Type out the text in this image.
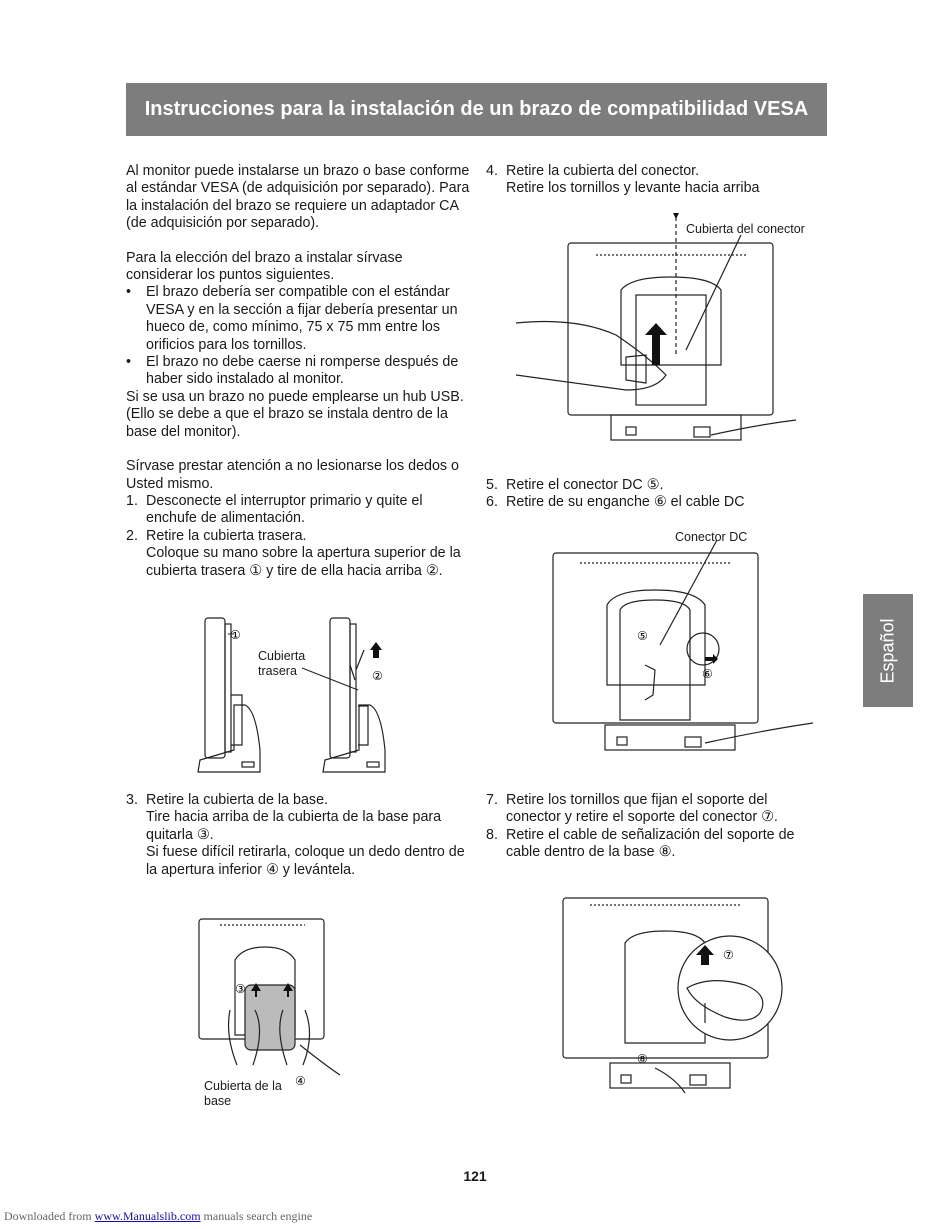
Instrucciones para la instalación de un brazo de compatibilidad VESA
Español

Al monitor puede instalarse un brazo o base conforme al estándar VESA (de adquisición por separado). Para la instalación del brazo se requiere un adaptador CA (de adquisición por separado).

Para la elección del brazo a instalar sírvase considerar los puntos siguientes.

•	El brazo debería ser compatible con el estándar VESA y en la sección a fijar debería presentar un hueco de, como mínimo, 75 x 75 mm entre los orificios para los tornillos.
•	El brazo no debe caerse ni romperse después de haber sido instalado al monitor.

Si se usa un brazo no puede emplearse un hub USB. (Ello se debe a que el brazo se instala dentro de la base del monitor).

Sírvase prestar atención a no lesionarse los dedos o Usted mismo.

1. Desconecte el interruptor primario y quite el enchufe de alimentación.
2. Retire la cubierta trasera.
Coloque su mano sobre la apertura superior de la cubierta trasera ① y tire de ella hacia arriba ②.
3. Retire la cubierta de la base.
Tire hacia arriba de la cubierta de la base para quitarla ③.
Si fuese difícil retirarla, coloque un dedo dentro de la apertura inferior ④ y levántela.
4. Retire la cubierta del conector.
Retire los tornillos y levante hacia arriba
5. Retire el conector DC ⑤.
6. Retire de su enganche ⑥ el cable DC
7. Retire los tornillos que fijan el soporte del conector y retire el soporte del conector ⑦.
8. Retire el cable de señalización del soporte de cable dentro de la base ⑧.
①
②
Cubierta trasera
Cubierta del conector
⑤
⑥
Conector DC
③
④
Cubierta de la base
⑦
⑧
121
Downloaded from www.Manualslib.com manuals search engine
